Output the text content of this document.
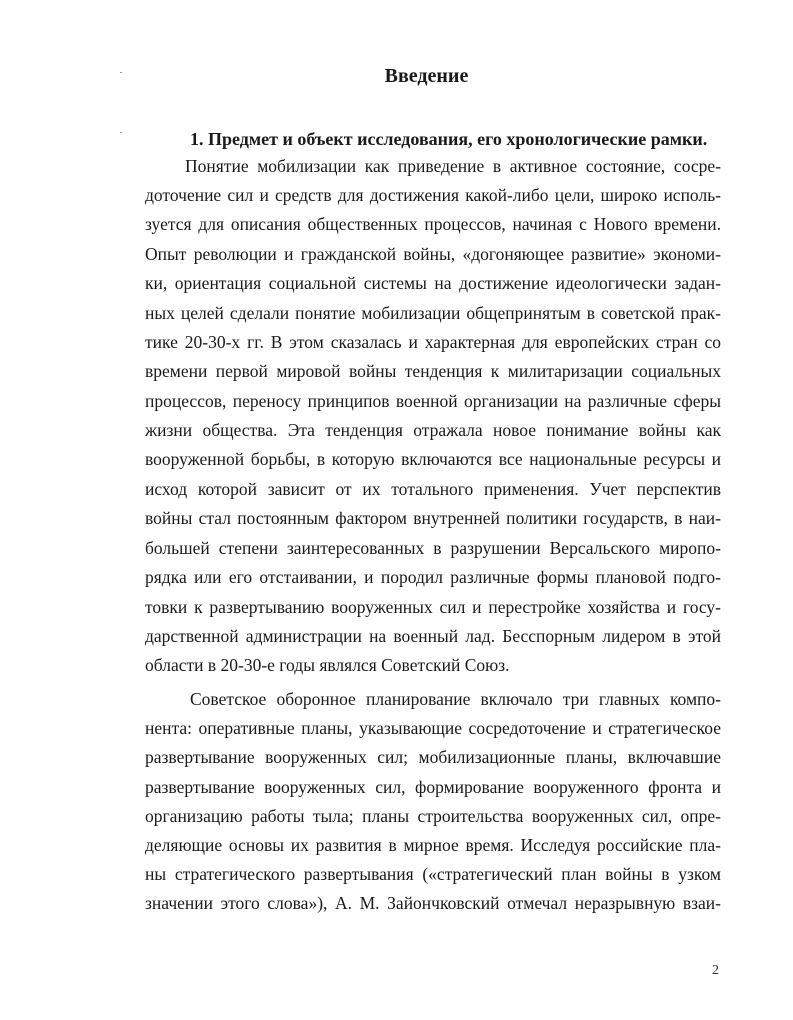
Введение
1. Предмет и объект исследования, его хронологические рамки.
Понятие мобилизации как приведение в активное состояние, сосре-
доточение сил и средств для достижения какой-либо цели, широко исполь-
зуется для описания общественных процессов, начиная с Нового времени.
Опыт революции и гражданской войны, «догоняющее развитие» экономи-
ки, ориентация социальной системы на достижение идеологически задан-
ных целей сделали понятие мобилизации общепринятым в советской прак-
тике 20-30-х гг. В этом сказалась и характерная для европейских стран со
времени первой мировой войны тенденция к милитаризации социальных
процессов, переносу принципов военной организации на различные сферы
жизни общества. Эта тенденция отражала новое понимание войны как
вооруженной борьбы, в которую включаются все национальные ресурсы и
исход которой зависит от их тотального применения. Учет перспектив
войны стал постоянным фактором внутренней политики государств, в наи-
большей степени заинтересованных в разрушении Версальского миропо-
рядка или его отстаивании, и породил различные формы плановой подго-
товки к развертыванию вооруженных сил и перестройке хозяйства и госу-
дарственной администрации на военный лад. Бесспорным лидером в этой
области в 20-30-е годы являлся Советский Союз.
Советское оборонное планирование включало три главных компо-
нента: оперативные планы, указывающие сосредоточение и стратегическое
развертывание вооруженных сил; мобилизационные планы, включавшие
развертывание вооруженных сил, формирование вооруженного фронта и
организацию работы тыла; планы строительства вооруженных сил, опре-
деляющие основы их развития в мирное время. Исследуя российские пла-
ны стратегического развертывания («стратегический план войны в узком
значении этого слова»), А. М. Зайончковский отмечал неразрывную взаи-
2
